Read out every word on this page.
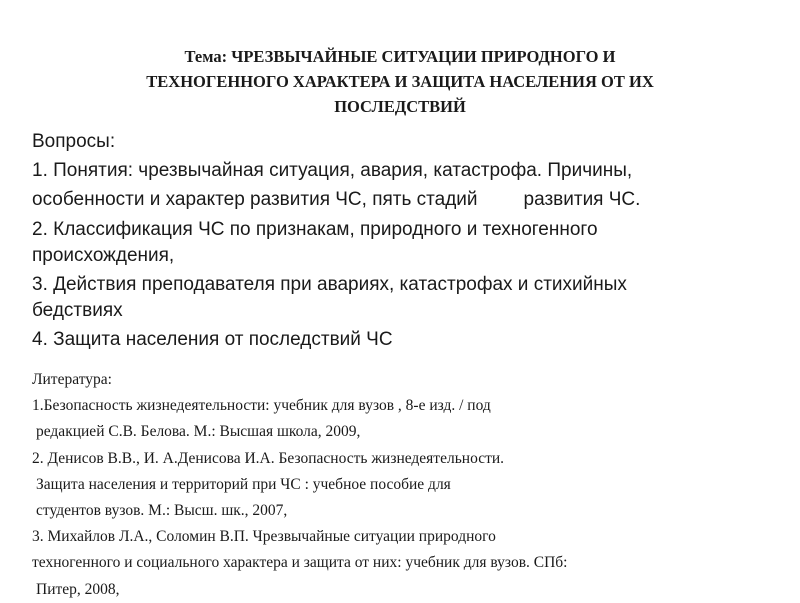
Тема: ЧРЕЗВЫЧАЙНЫЕ СИТУАЦИИ ПРИРОДНОГО И
ТЕХНОГЕННОГО ХАРАКТЕРА И ЗАЩИТА НАСЕЛЕНИЯ ОТ ИХ
ПОСЛЕДСТВИЙ
Вопросы:
1. Понятия: чрезвычайная ситуация, авария, катастрофа. Причины,
особенности и характер развития ЧС, пять стадий развития ЧС.
2. Классификация ЧС по признакам, природного и техногенного
происхождения,
3. Действия преподавателя при авариях, катастрофах и стихийных
бедствиях
4. Защита населения от последствий ЧС
Литература:
1.Безопасность жизнедеятельности: учебник для вузов , 8-е изд. / под
редакцией С.В. Белова. М.: Высшая школа, 2009,
2. Денисов В.В., И. А.Денисова И.А. Безопасность жизнедеятельности.
Защита населения и территорий при ЧС : учебное пособие для
студентов вузов. М.: Высш. шк., 2007,
3. Михайлов Л.А., Соломин В.П. Чрезвычайные ситуации природного
техногенного и социального характера и защита от них: учебник для вузов. СПб:
Питер, 2008,
